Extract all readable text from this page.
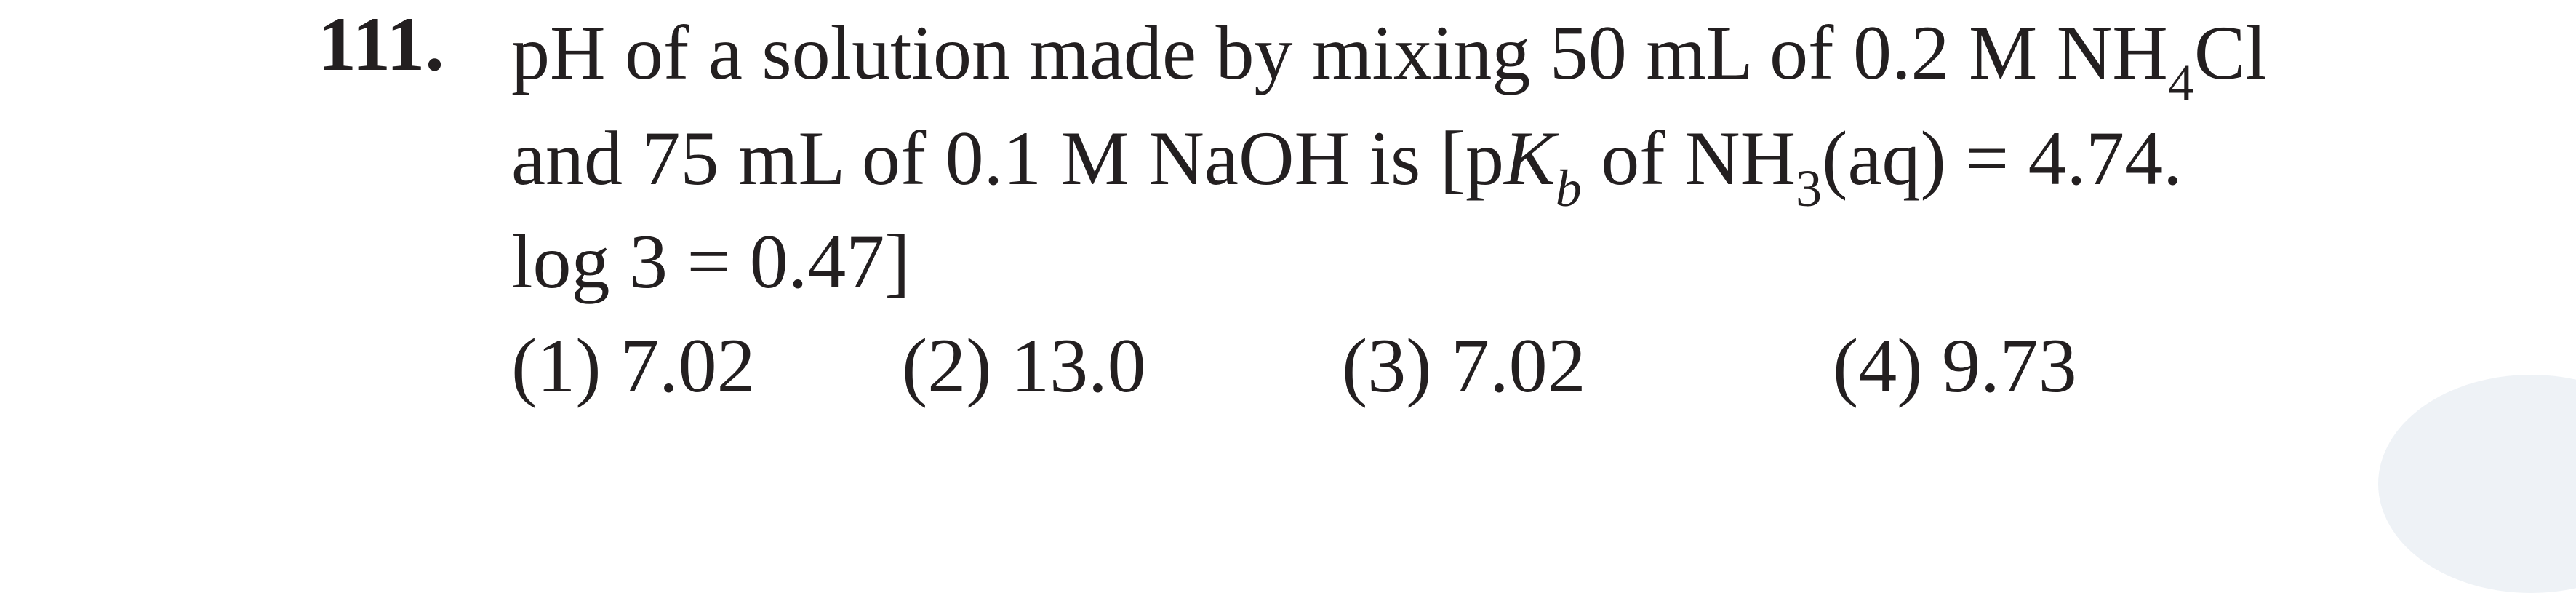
111. pH of a solution made by mixing 50 mL of 0.2 M $NH_4Cl$
and 75 mL of 0.1 M NaOH is [$pK_b$ of $NH_3(aq) = 4.74$.
log 3 = 0.47]
(1) 7.02 (2) 13.0	(3) 7.02	(4) 9.73
